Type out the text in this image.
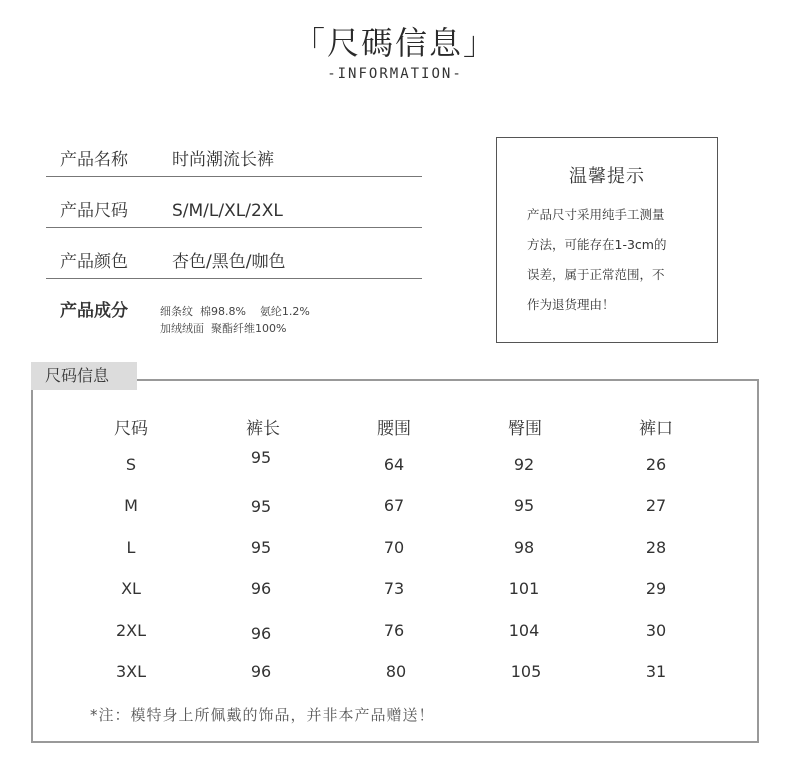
「尺碼信息」
-INFORMATION-
产品名称	时尚潮流长裤
产品尺码	S/M/L/XL/2XL
产品颜色	杏色/黑色/咖色
产品成分	细条纹  棉98.8%    氨纶1.2%
加绒绒面  聚酯纤维100%
温馨提示
产品尺寸采用纯手工测量
方法，可能存在1-3cm的
误差，属于正常范围，不
作为退货理由！
尺码信息
尺码	裤长	腰围	臀围	裤口
S	95	64	92	26
M	95	67	95	27
L	95	70	98	28
XL	96	73	101	29
2XL	96	76	104	30
3XL	96	80	105	31
*注：模特身上所佩戴的饰品，并非本产品赠送！
